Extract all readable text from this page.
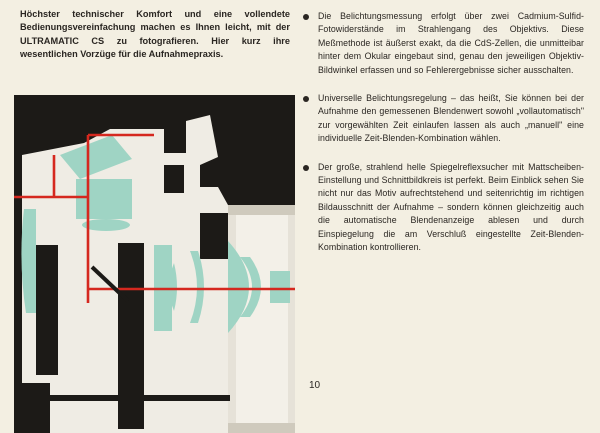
Höchster technischer Komfort und eine vollendete Bedienungsvereinfachung machen es Ihnen leicht, mit der ULTRAMATIC CS zu fotografieren. Hier kurz ihre wesentlichen Vorzüge für die Aufnahmepraxis.

Die Belichtungsmessung erfolgt über zwei Cadmium-Sulfid-Fotowiderstände im Strahlengang des Objektivs. Diese Meßmethode ist äußerst exakt, da die CdS-Zellen, die unmitteibar hinter dem Okular eingebaut sind, genau den jeweiligen Objektiv-Bildwinkel erfassen und so Fehlerergebnisse sicher ausschalten.

Universelle Belichtungsregelung – das heißt, Sie können bei der Aufnahme den gemessenen Blendenwert sowohl „vollautomatisch" zur vorgewählten Zeit einlaufen lassen als auch „manuell" eine individuelle Zeit-Blenden-Kombination wählen.

Der große, strahlend helle Spiegelreflexsucher mit Mattscheiben-Einstellung und Schnittbildkreis ist perfekt. Beim Einblick sehen Sie nicht nur das Motiv aufrechtstehend und seitenrichtig im richtigen Bildausschnitt der Aufnahme – sondern können gleichzeitig auch die automatische Blendenanzeige ablesen und durch Einspiegelung die am Verschluß eingestellte Zeit-Blenden-Kombination kontrollieren.

10
